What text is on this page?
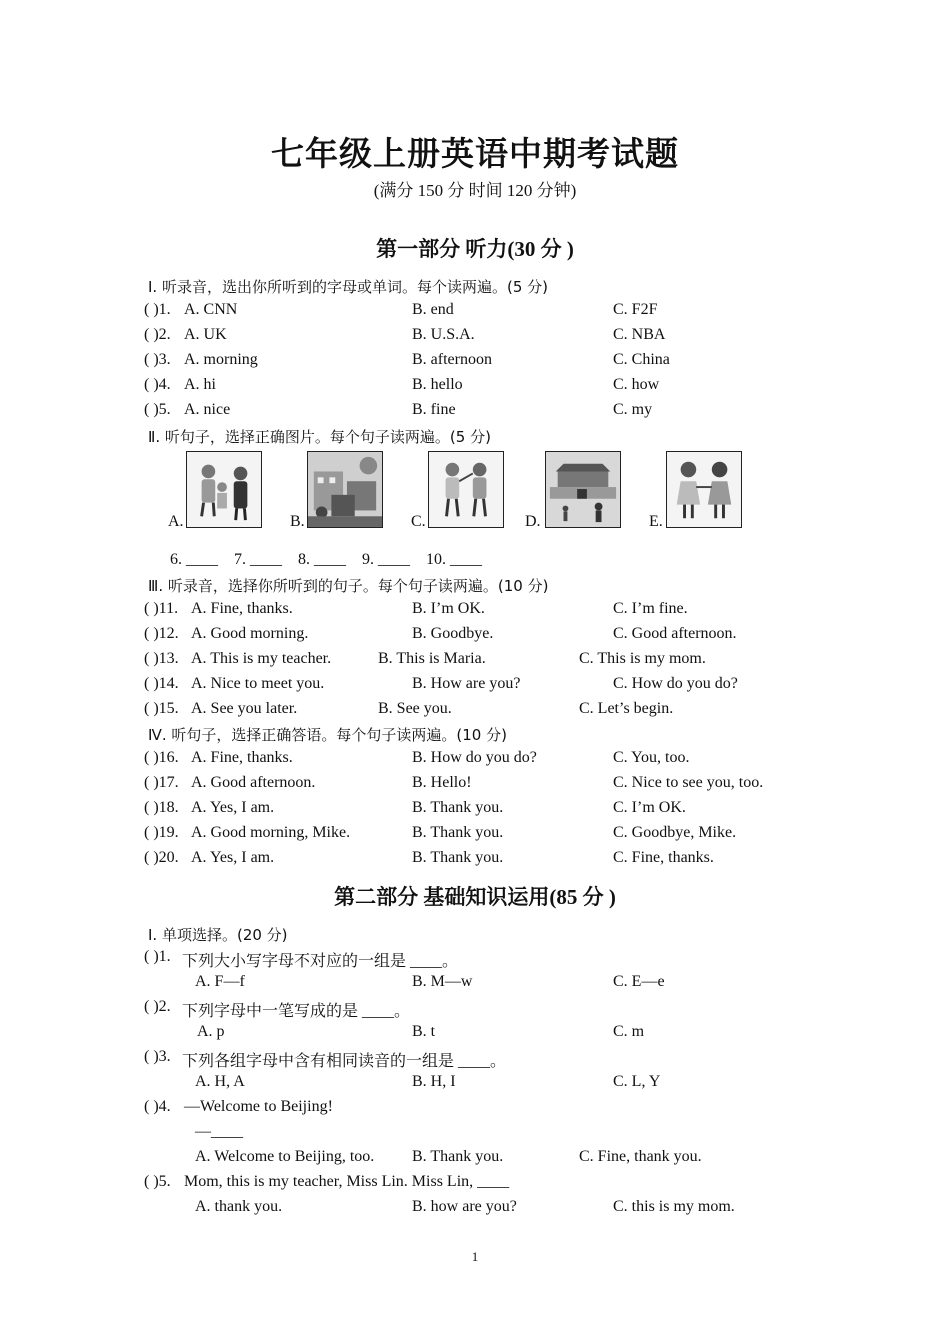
七年级上册英语中期考试题
(满分 150 分 时间 120 分钟)
第一部分 听力(30 分 )
Ⅰ. 听录音，选出你所听到的字母或单词。每个读两遍。(5 分)
( )1. A. CNN	B. end	C. F2F
( )2. A. UK	B. U.S.A.	C. NBA
( )3. A. morning	B. afternoon	C. China
( )4. A. hi	B. hello	C. how
( )5. A. nice	B. fine	C. my
Ⅱ. 听句子，选择正确图片。每个句子读两遍。(5 分)
A.	B.	C.	D.	E.
6. ____    7. ____    8. ____    9. ____    10. ____
Ⅲ. 听录音，选择你所听到的句子。每个句子读两遍。(10 分)
( )11. A. Fine, thanks.	B. I’m OK.	C. I’m fine.
( )12. A. Good morning.	B. Goodbye.	C. Good afternoon.
( )13. A. This is my teacher.	B. This is Maria.	C. This is my mom.
( )14. A. Nice to meet you.	B. How are you?	C. How do you do?
( )15. A. See you later.	B. See you.	C. Let’s begin.
Ⅳ. 听句子，选择正确答语。每个句子读两遍。(10 分)
( )16. A. Fine, thanks.	B. How do you do?	C. You, too.
( )17. A. Good afternoon.	B. Hello!	C. Nice to see you, too.
( )18. A. Yes, I am.	B. Thank you.	C. I’m OK.
( )19. A. Good morning, Mike.	B. Thank you.	C. Goodbye, Mike.
( )20. A. Yes, I am.	B. Thank you.	C. Fine, thanks.
第二部分 基础知识运用(85 分 )
Ⅰ. 单项选择。(20 分)
( )1. 下列大小写字母不对应的一组是 ____。
A. F—f	B. M—w	C. E—e
( )2. 下列字母中一笔写成的是 ____。
A. p	B. t	C. m
( )3. 下列各组字母中含有相同读音的一组是 ____。
A. H, A	B. H, I	C. L, Y
( )4. —Welcome to Beijing!
—____
A. Welcome to Beijing, too. B. Thank you.	C. Fine, thank you.
( )5. Mom, this is my teacher, Miss Lin. Miss Lin, ____
A. thank you.	B. how are you?	C. this is my mom.
1
